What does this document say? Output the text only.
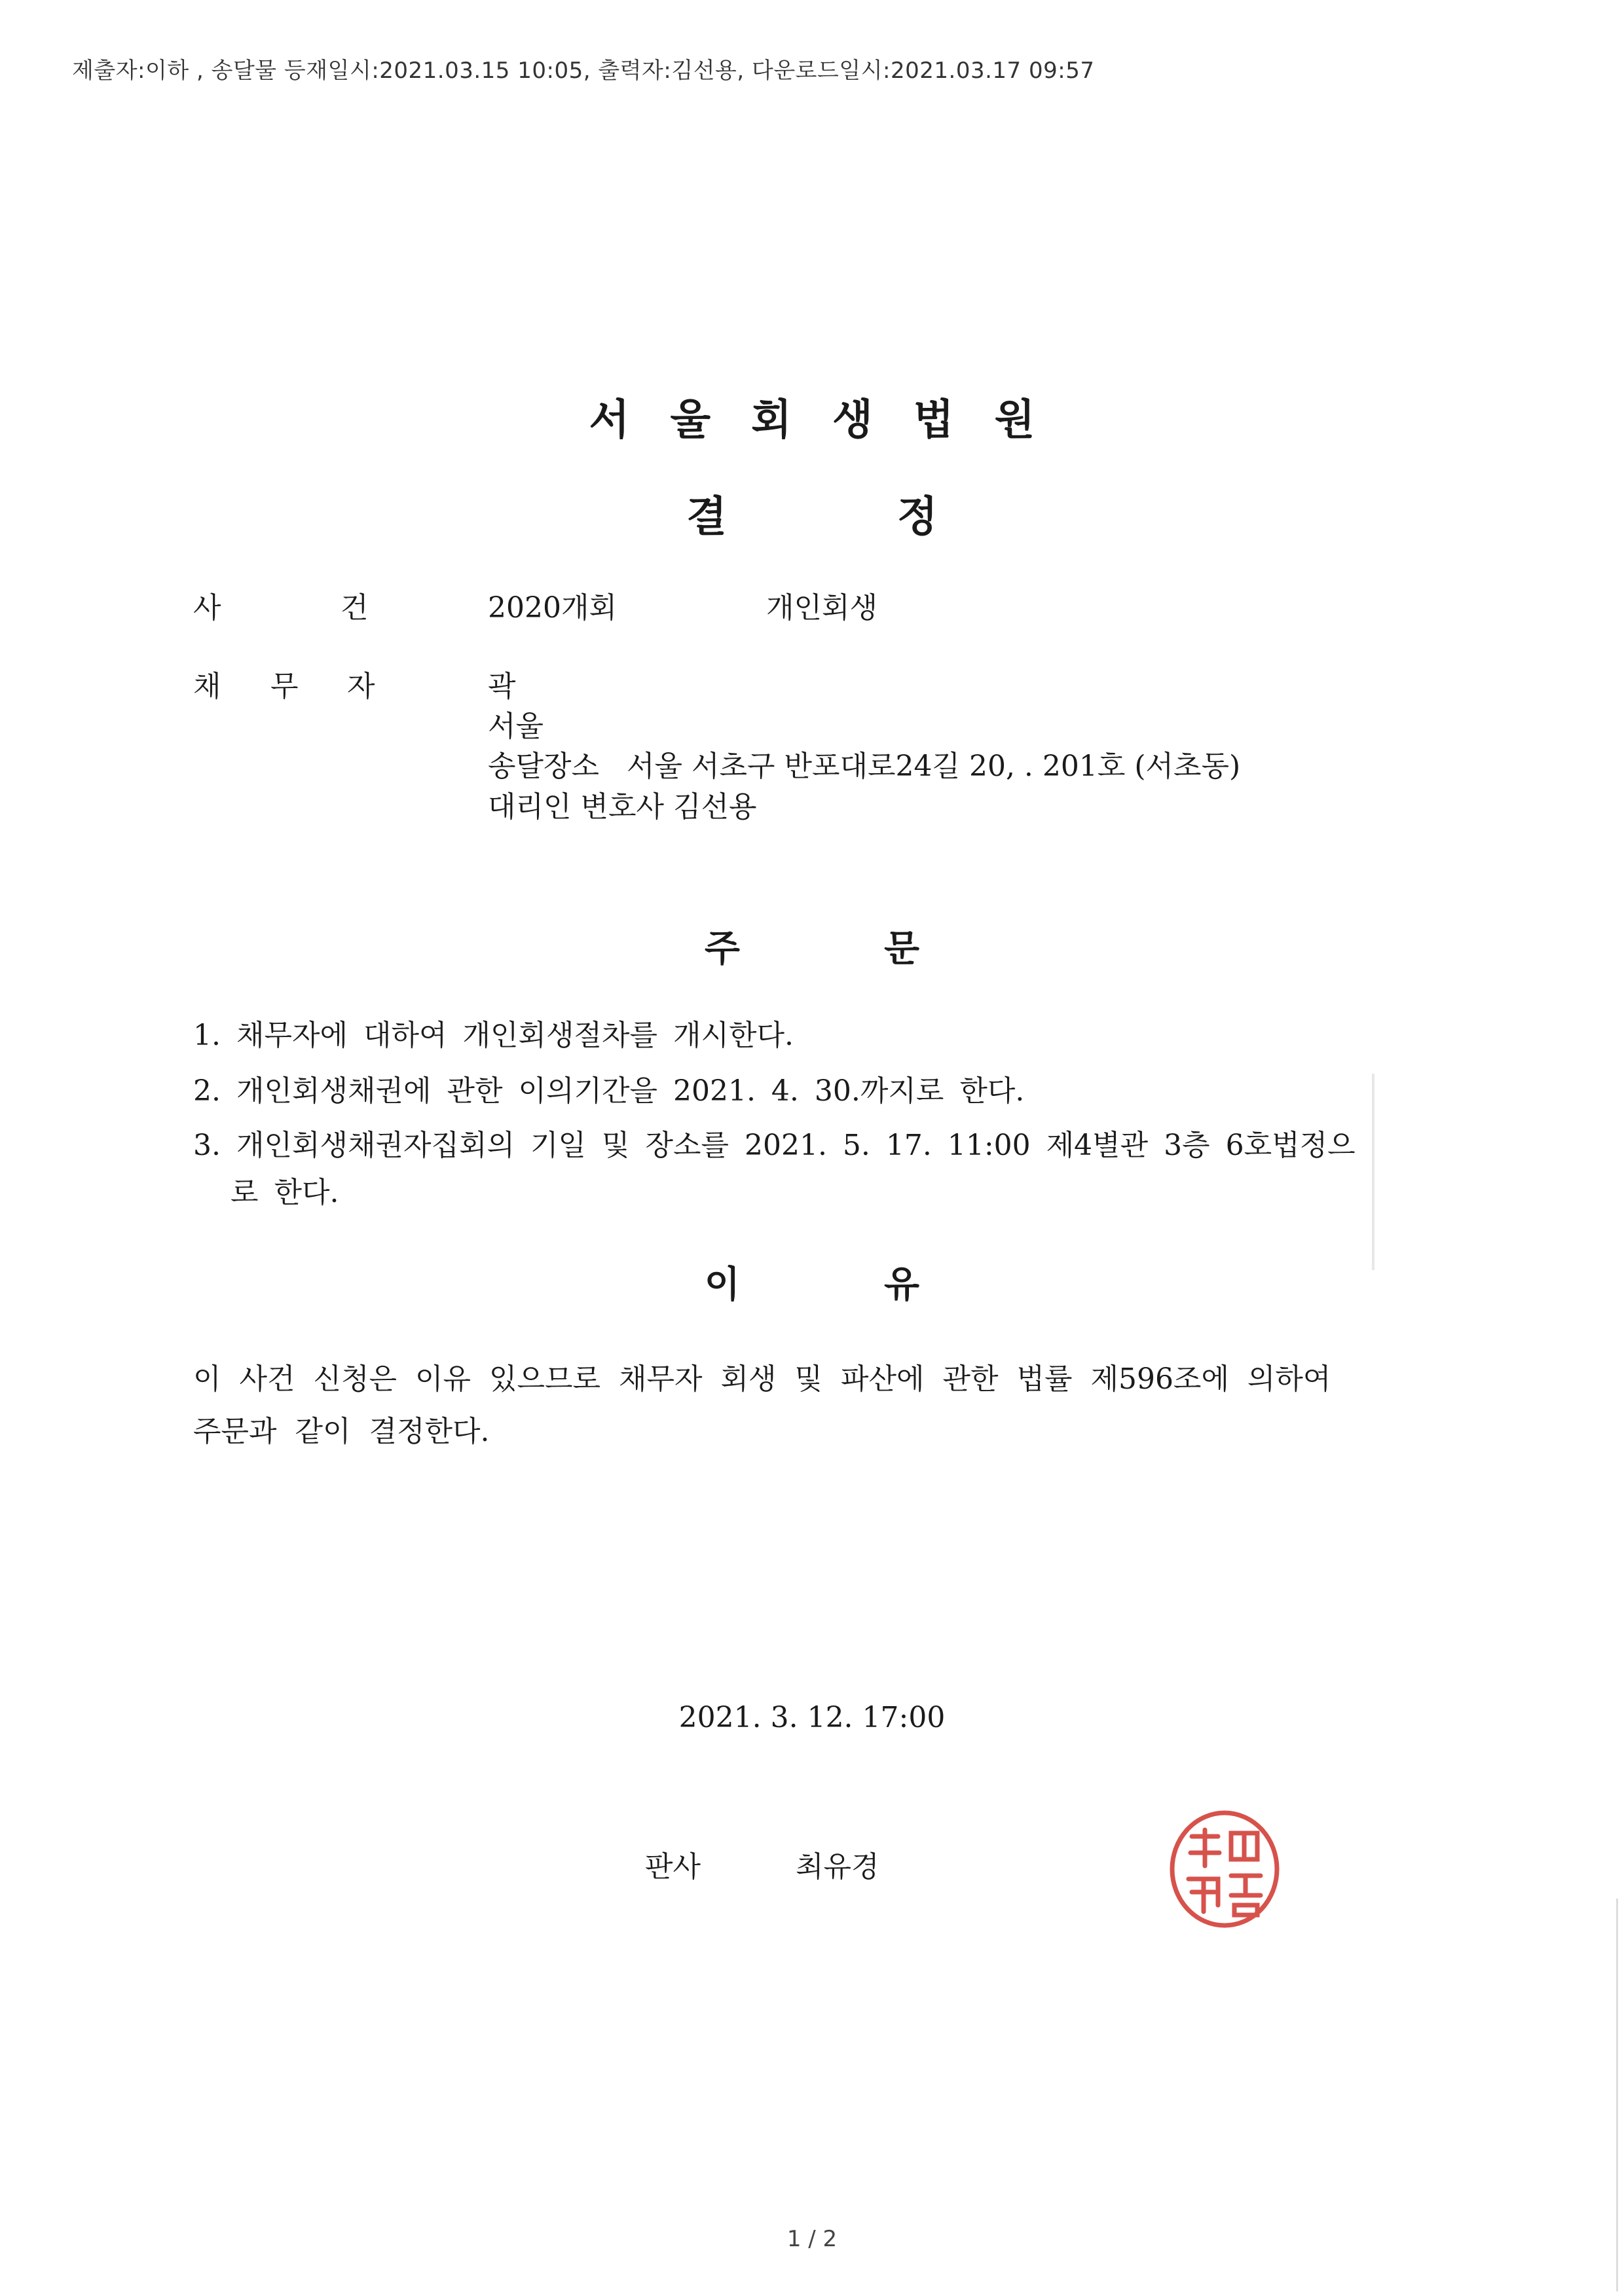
제출자:이하 , 송달물 등재일시:2021.03.15 10:05, 출력자:김선용, 다운로드일시:2021.03.17 09:57
서울회생법원
결	정
사	건	2020개회	개인회생
채 무 자	곽
서울
송달장소 서울 서초구 반포대로24길 20, . 201호 (서초동)
대리인 변호사 김선용
주	문
1. 채무자에 대하여 개인회생절차를 개시한다.
2. 개인회생채권에 관한 이의기간을 2021. 4. 30.까지로 한다.
3. 개인회생채권자집회의 기일 및 장소를 2021. 5. 17. 11:00 제4별관 3층 6호법정으
로 한다.
이	유
이 사건 신청은 이유 있으므로 채무자 회생 및 파산에 관한 법률 제596조에 의하여
주문과 같이 결정한다.
2021. 3. 12. 17:00
판사	최유경
1 / 2
